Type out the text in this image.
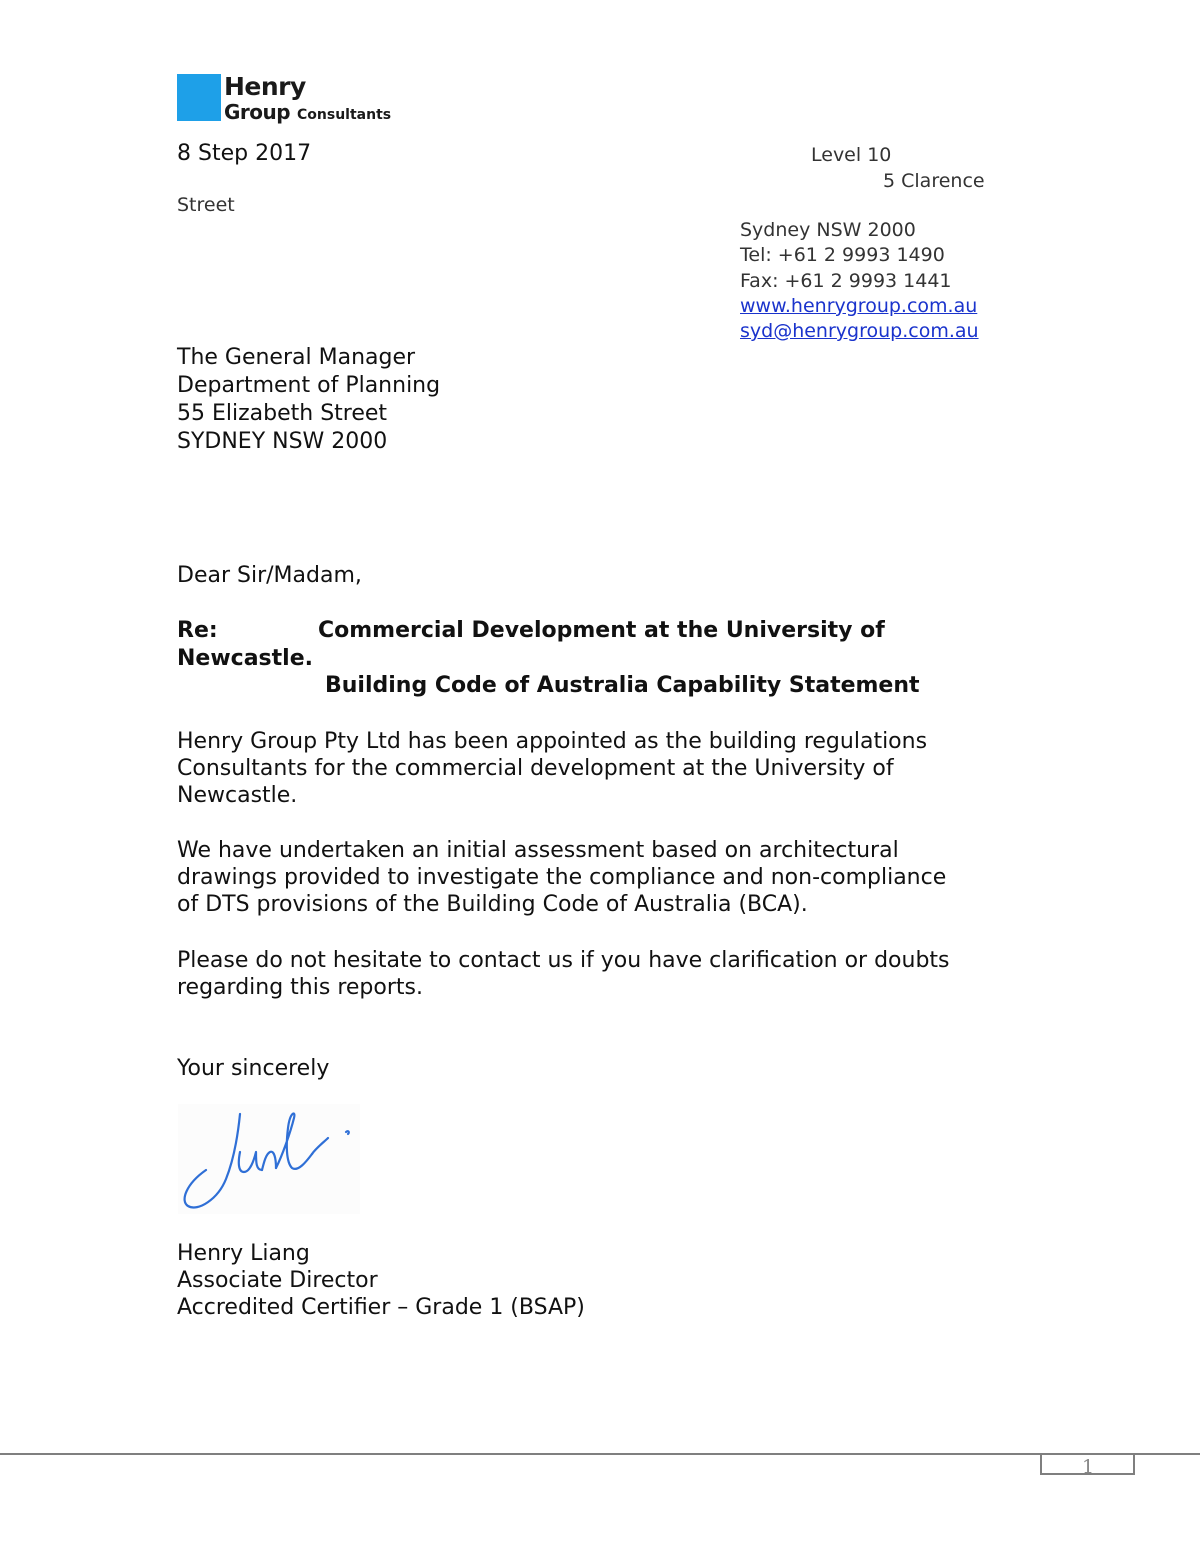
Henry
Group Consultants
8 Step 2017	Level 10
5 Clarence
Street
Sydney NSW 2000
Tel: +61 2 9993 1490
Fax: +61 2 9993 1441
www.henrygroup.com.au
syd@henrygroup.com.au
The General Manager
Department of Planning
55 Elizabeth Street
SYDNEY NSW 2000
Dear Sir/Madam,
Re:	Commercial Development at the University of
Newcastle.
Building Code of Australia Capability Statement
Henry Group Pty Ltd has been appointed as the building regulations
Consultants for the commercial development at the University of
Newcastle.
We have undertaken an initial assessment based on architectural
drawings provided to investigate the compliance and non-compliance
of DTS provisions of the Building Code of Australia (BCA).
Please do not hesitate to contact us if you have clarification or doubts
regarding this reports.
Your sincerely
Henry Liang
Associate Director
Accredited Certifier – Grade 1 (BSAP)
1
